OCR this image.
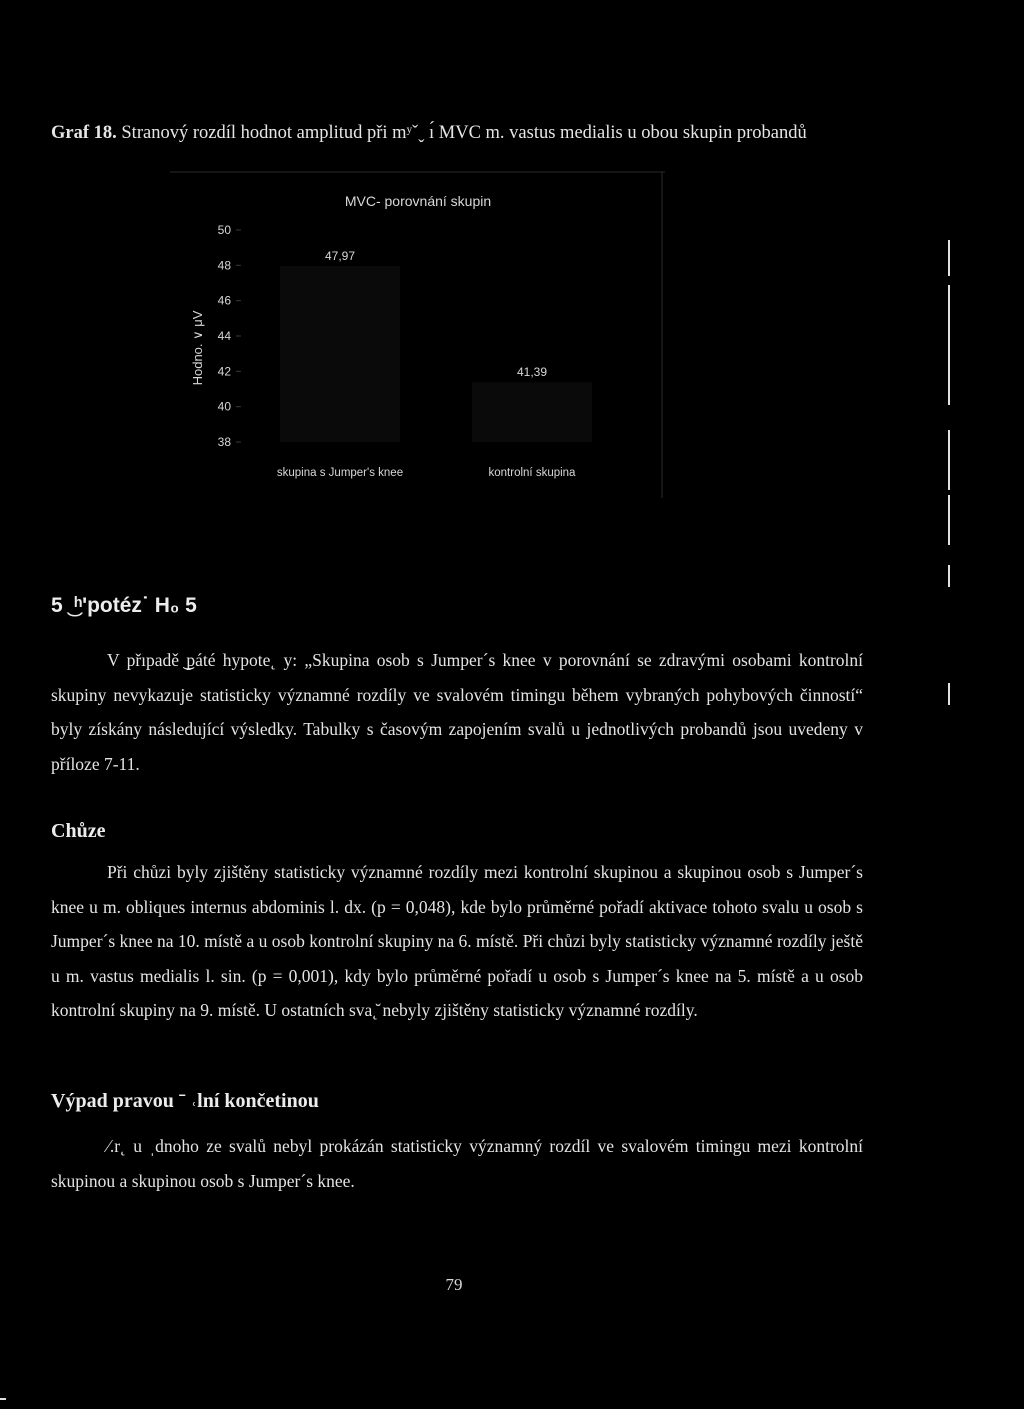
Graf 18. Stranový rozdíl hodnot amplitud při mʸˇˬ ı́ MVC m. vastus medialis u obou skupin probandů
MVC- porovnání skupin
Hodno. ∨ μV
50
48
46
44
42
40
38
47,97
41,39
skupina s Jumper's knee	kontrolní skupina
5 ͜ ʰ'potéz˙ H₀ 5
V přıpadě ͜páté hypote˛ y: „Skupina osob s Jumper´s knee v porovnání se zdravými osobami kontrolní skupiny nevykazuje statisticky významné rozdíly ve svalovém timingu během vybraných pohybových činností“ byly získány následující výsledky. Tabulky s časovým zapojením svalů u jednotlivých probandů jsou uvedeny v příloze 7-11.
Chůze
Při chůzi byly zjištěny statisticky významné rozdíly mezi kontrolní skupinou a skupinou osob s Jumper´s knee u m. obliques internus abdominis l. dx. (p = 0,048), kde bylo průměrné pořadí aktivace tohoto svalu u osob s Jumper´s knee na 10. místě a u osob kontrolní skupiny na 6. místě. Při chůzi byly statisticky významné rozdíly ještě u m. vastus medialis l. sin. (p = 0,001), kdy bylo průměrné pořadí u osob s Jumper´s knee na 5. místě a u osob kontrolní skupiny na 9. místě. U ostatních sva˛̆ nebyly zjištěny statisticky významné rozdíly.
Výpad pravou ˉ ˓lní končetinou
⁄.r˛ u ˌdnoho ze svalů nebyl prokázán statisticky významný rozdíl ve svalovém timingu mezi kontrolní skupinou a skupinou osob s Jumper´s knee.
79
